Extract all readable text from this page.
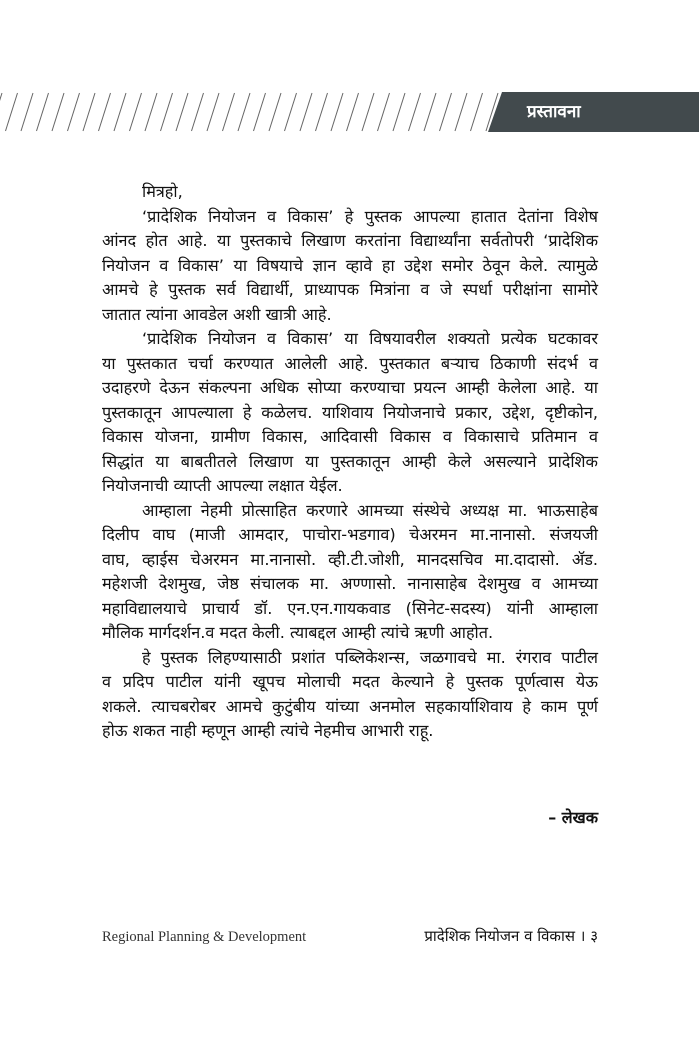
प्रस्तावना
मित्रहो,
‘प्रादेशिक नियोजन व विकास’ हे पुस्तक आपल्या हातात देतांना विशेष
आंनद होत आहे. या पुस्तकाचे लिखाण करतांना विद्यार्थ्यांना सर्वतोपरी ‘प्रादेशिक
नियोजन व विकास’ या विषयाचे ज्ञान व्हावे हा उद्देश समोर ठेवून केले. त्यामुळे
आमचे हे पुस्तक सर्व विद्यार्थी, प्राध्यापक मित्रांना व जे स्पर्धा परीक्षांना सामोरे
जातात त्यांना आवडेल अशी खात्री आहे.
‘प्रादेशिक नियोजन व विकास’ या विषयावरील शक्यतो प्रत्येक घटकावर
या पुस्तकात चर्चा करण्यात आलेली आहे. पुस्तकात बऱ्याच ठिकाणी संदर्भ व
उदाहरणे देऊन संकल्पना अधिक सोप्या करण्याचा प्रयत्न आम्ही केलेला आहे. या
पुस्तकातून आपल्याला हे कळेलच. याशिवाय नियोजनाचे प्रकार, उद्देश, दृष्टीकोन,
विकास योजना, ग्रामीण विकास, आदिवासी विकास व विकासाचे प्रतिमान व
सिद्धांत या बाबतीतले लिखाण या पुस्तकातून आम्ही केले असल्याने प्रादेशिक
नियोजनाची व्याप्ती आपल्या लक्षात येईल.
आम्हाला नेहमी प्रोत्साहित करणारे आमच्या संस्थेचे अध्यक्ष मा. भाऊसाहेब
दिलीप वाघ (माजी आमदार, पाचोरा-भडगाव) चेअरमन मा.नानासो. संजयजी
वाघ, व्हाईस चेअरमन मा.नानासो. व्ही.टी.जोशी, मानदसचिव मा.दादासो. ॲड.
महेशजी देशमुख, जेष्ठ संचालक मा. अण्णासो. नानासाहेब देशमुख व आमच्या
महाविद्यालयाचे प्राचार्य डॉ. एन.एन.गायकवाड (सिनेट-सदस्य) यांनी आम्हाला
मौलिक मार्गदर्शन.व मदत केली. त्याबद्दल आम्ही त्यांचे ऋणी आहोत.
हे पुस्तक लिहण्यासाठी प्रशांत पब्लिकेशन्स, जळगावचे मा. रंगराव पाटील
व प्रदिप पाटील यांनी खूपच मोलाची मदत केल्याने हे पुस्तक पूर्णत्वास येऊ
शकले. त्याचबरोबर आमचे कुटुंबीय यांच्या अनमोल सहकार्याशिवाय हे काम पूर्ण
होऊ शकत नाही म्हणून आम्ही त्यांचे नेहमीच आभारी राहू.
– लेखक
Regional Planning & Development	प्रादेशिक नियोजन व विकास । ३
